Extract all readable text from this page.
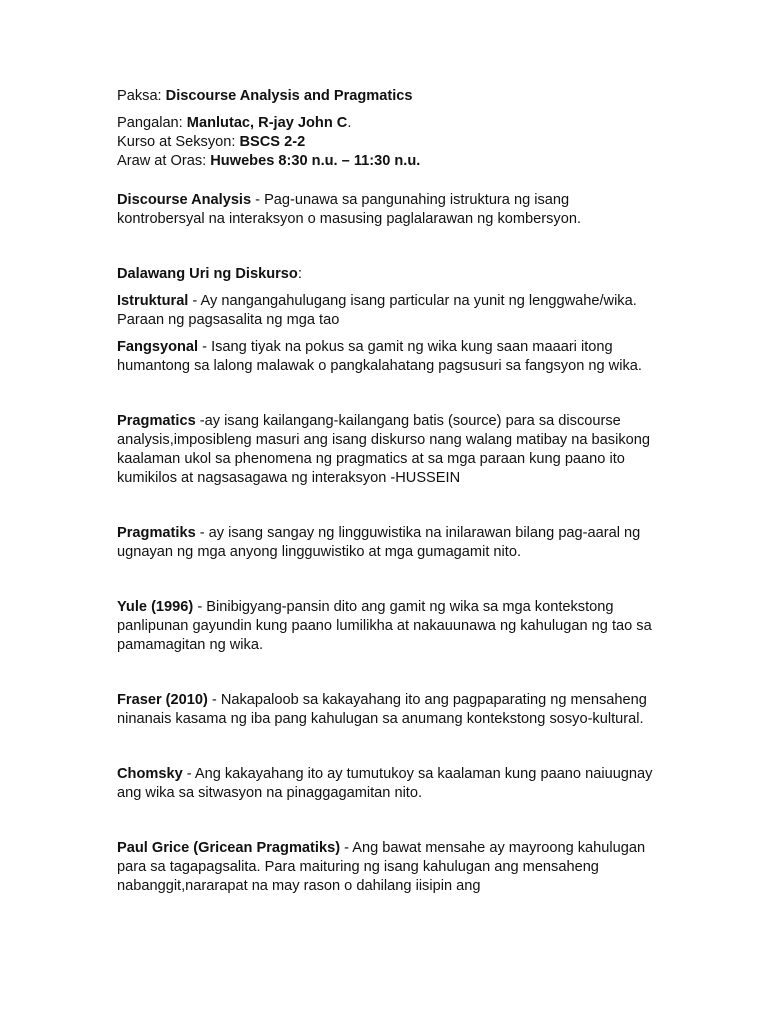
Paksa: Discourse Analysis and Pragmatics

Pangalan: Manlutac, R-jay John C.

Kurso at Seksyon: BSCS 2-2

Araw at Oras: Huwebes 8:30 n.u. – 11:30 n.u.

Discourse Analysis - Pag-unawa sa pangunahing istruktura ng isang kontrobersyal na interaksyon o masusing paglalarawan ng kombersyon.

Dalawang Uri ng Diskurso:

Istruktural - Ay nangangahulugang isang particular na yunit ng lenggwahe/wika. Paraan ng pagsasalita ng mga tao

Fangsyonal - Isang tiyak na pokus sa gamit ng wika kung saan maaari itong humantong sa lalong malawak o pangkalahatang pagsusuri sa fangsyon ng wika.

Pragmatics -ay isang kailangang-kailangang batis (source) para sa discourse analysis,imposibleng masuri ang isang diskurso nang walang matibay na basikong kaalaman ukol sa phenomena ng pragmatics at sa mga paraan kung paano ito kumikilos at nagsasagawa ng interaksyon -HUSSEIN

Pragmatiks - ay isang sangay ng lingguwistika na inilarawan bilang pag-aaral ng ugnayan ng mga anyong lingguwistiko at mga gumagamit nito.

Yule (1996) - Binibigyang-pansin dito ang gamit ng wika sa mga kontekstong panlipunan gayundin kung paano lumilikha at nakauunawa ng kahulugan ng tao sa pamamagitan ng wika.

Fraser (2010) - Nakapaloob sa kakayahang ito ang pagpaparating ng mensaheng ninanais kasama ng iba pang kahulugan sa anumang kontekstong sosyo-kultural.

Chomsky - Ang kakayahang ito ay tumutukoy sa kaalaman kung paano naiuugnay ang wika sa sitwasyon na pinaggagamitan nito.

Paul Grice (Gricean Pragmatiks) - Ang bawat mensahe ay mayroong kahulugan para sa tagapagsalita. Para maituring ng isang kahulugan ang mensaheng nabanggit,nararapat na may rason o dahilang iisipin ang
